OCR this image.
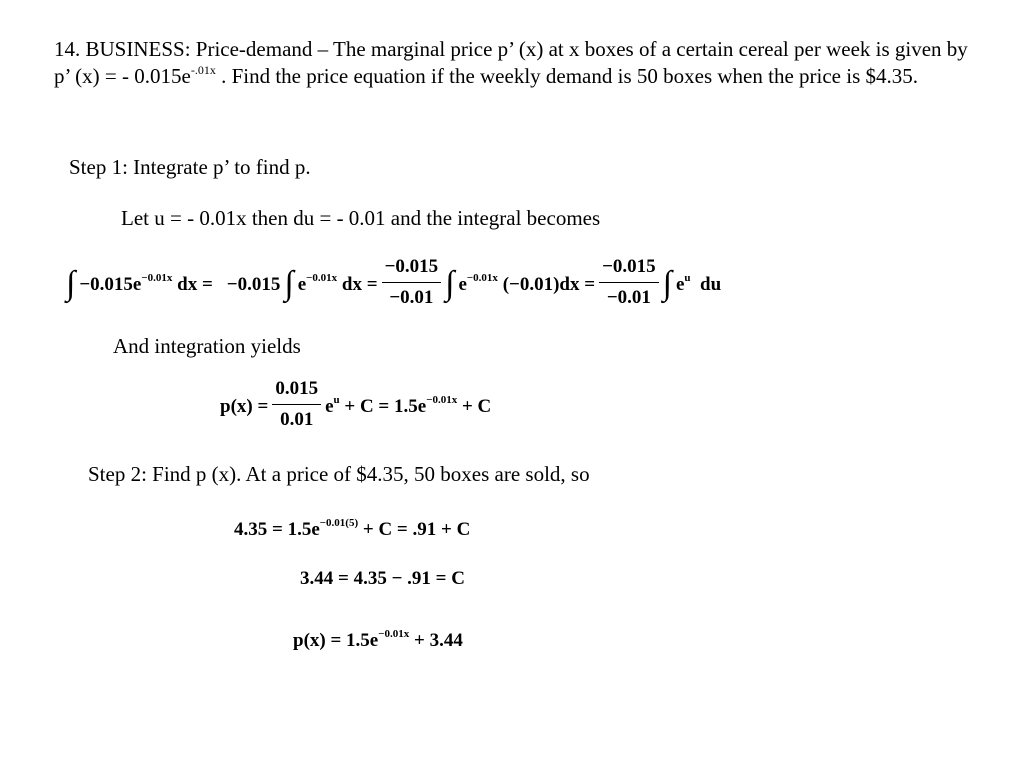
14. BUSINESS: Price-demand – The marginal price p’ (x) at x boxes of a certain cereal per week is given by p’ (x) = - $0.015e^{-.01x}$ . Find the price equation if the weekly demand is 50 boxes when the price is $4.35.
Step 1: Integrate p’ to find p.
Let u = - 0.01x then du = - 0.01 and the integral becomes
∫ $-0.015e^{-0.01x}$ dx = −0.015 ∫ $e^{-0.01x}$ dx = $\frac{-0.015}{-0.01}$ ∫ $e^{-0.01x}$ $(-0.01)dx = \frac{-0.015}{-0.01}$ ∫ $e^u$ du
And integration yields
$p(x) = \frac{0.015}{0.01} e^u + C = 1.5e^{-0.01x} + C$
Step 2: Find p (x). At a price of $4.35, 50 boxes are sold, so
$4.35 = 1.5e^{-0.01(5)} + C = .91 + C$
3.44 = 4.35 − .91 = C
$p(x) = 1.5e^{-0.01x} + 3.44$
